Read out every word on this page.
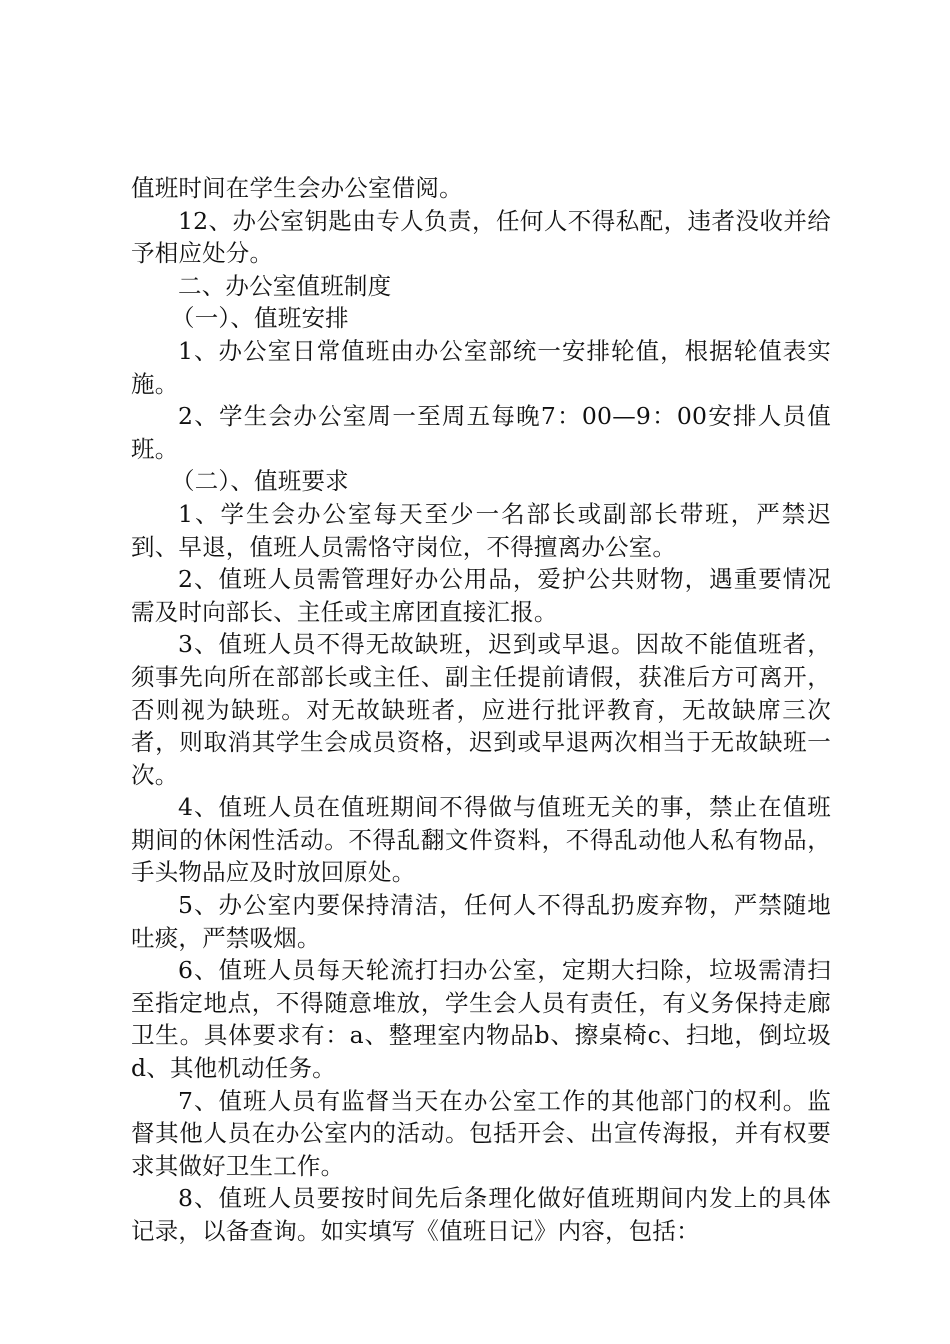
值班时间在学生会办公室借阅。

12、办公室钥匙由专人负责，任何人不得私配，违者没收并给予相应处分。

二、办公室值班制度

（一）、值班安排

1、办公室日常值班由办公室部统一安排轮值，根据轮值表实施。

2、学生会办公室周一至周五每晚7：00—9：00安排人员值班。

（二）、值班要求

1、学生会办公室每天至少一名部长或副部长带班，严禁迟到、早退，值班人员需恪守岗位，不得擅离办公室。

2、值班人员需管理好办公用品，爱护公共财物，遇重要情况需及时向部长、主任或主席团直接汇报。

3、值班人员不得无故缺班，迟到或早退。因故不能值班者，须事先向所在部部长或主任、副主任提前请假，获准后方可离开，否则视为缺班。对无故缺班者，应进行批评教育，无故缺席三次者，则取消其学生会成员资格，迟到或早退两次相当于无故缺班一次。

4、值班人员在值班期间不得做与值班无关的事，禁止在值班期间的休闲性活动。不得乱翻文件资料，不得乱动他人私有物品，手头物品应及时放回原处。

5、办公室内要保持清洁，任何人不得乱扔废弃物，严禁随地吐痰，严禁吸烟。

6、值班人员每天轮流打扫办公室，定期大扫除，垃圾需清扫至指定地点，不得随意堆放，学生会人员有责任，有义务保持走廊卫生。具体要求有：a、整理室内物品b、擦桌椅c、扫地，倒垃圾d、其他机动任务。

7、值班人员有监督当天在办公室工作的其他部门的权利。监督其他人员在办公室内的活动。包括开会、出宣传海报，并有权要求其做好卫生工作。

8、值班人员要按时间先后条理化做好值班期间内发上的具体记录，以备查询。如实填写《值班日记》内容，包括：
